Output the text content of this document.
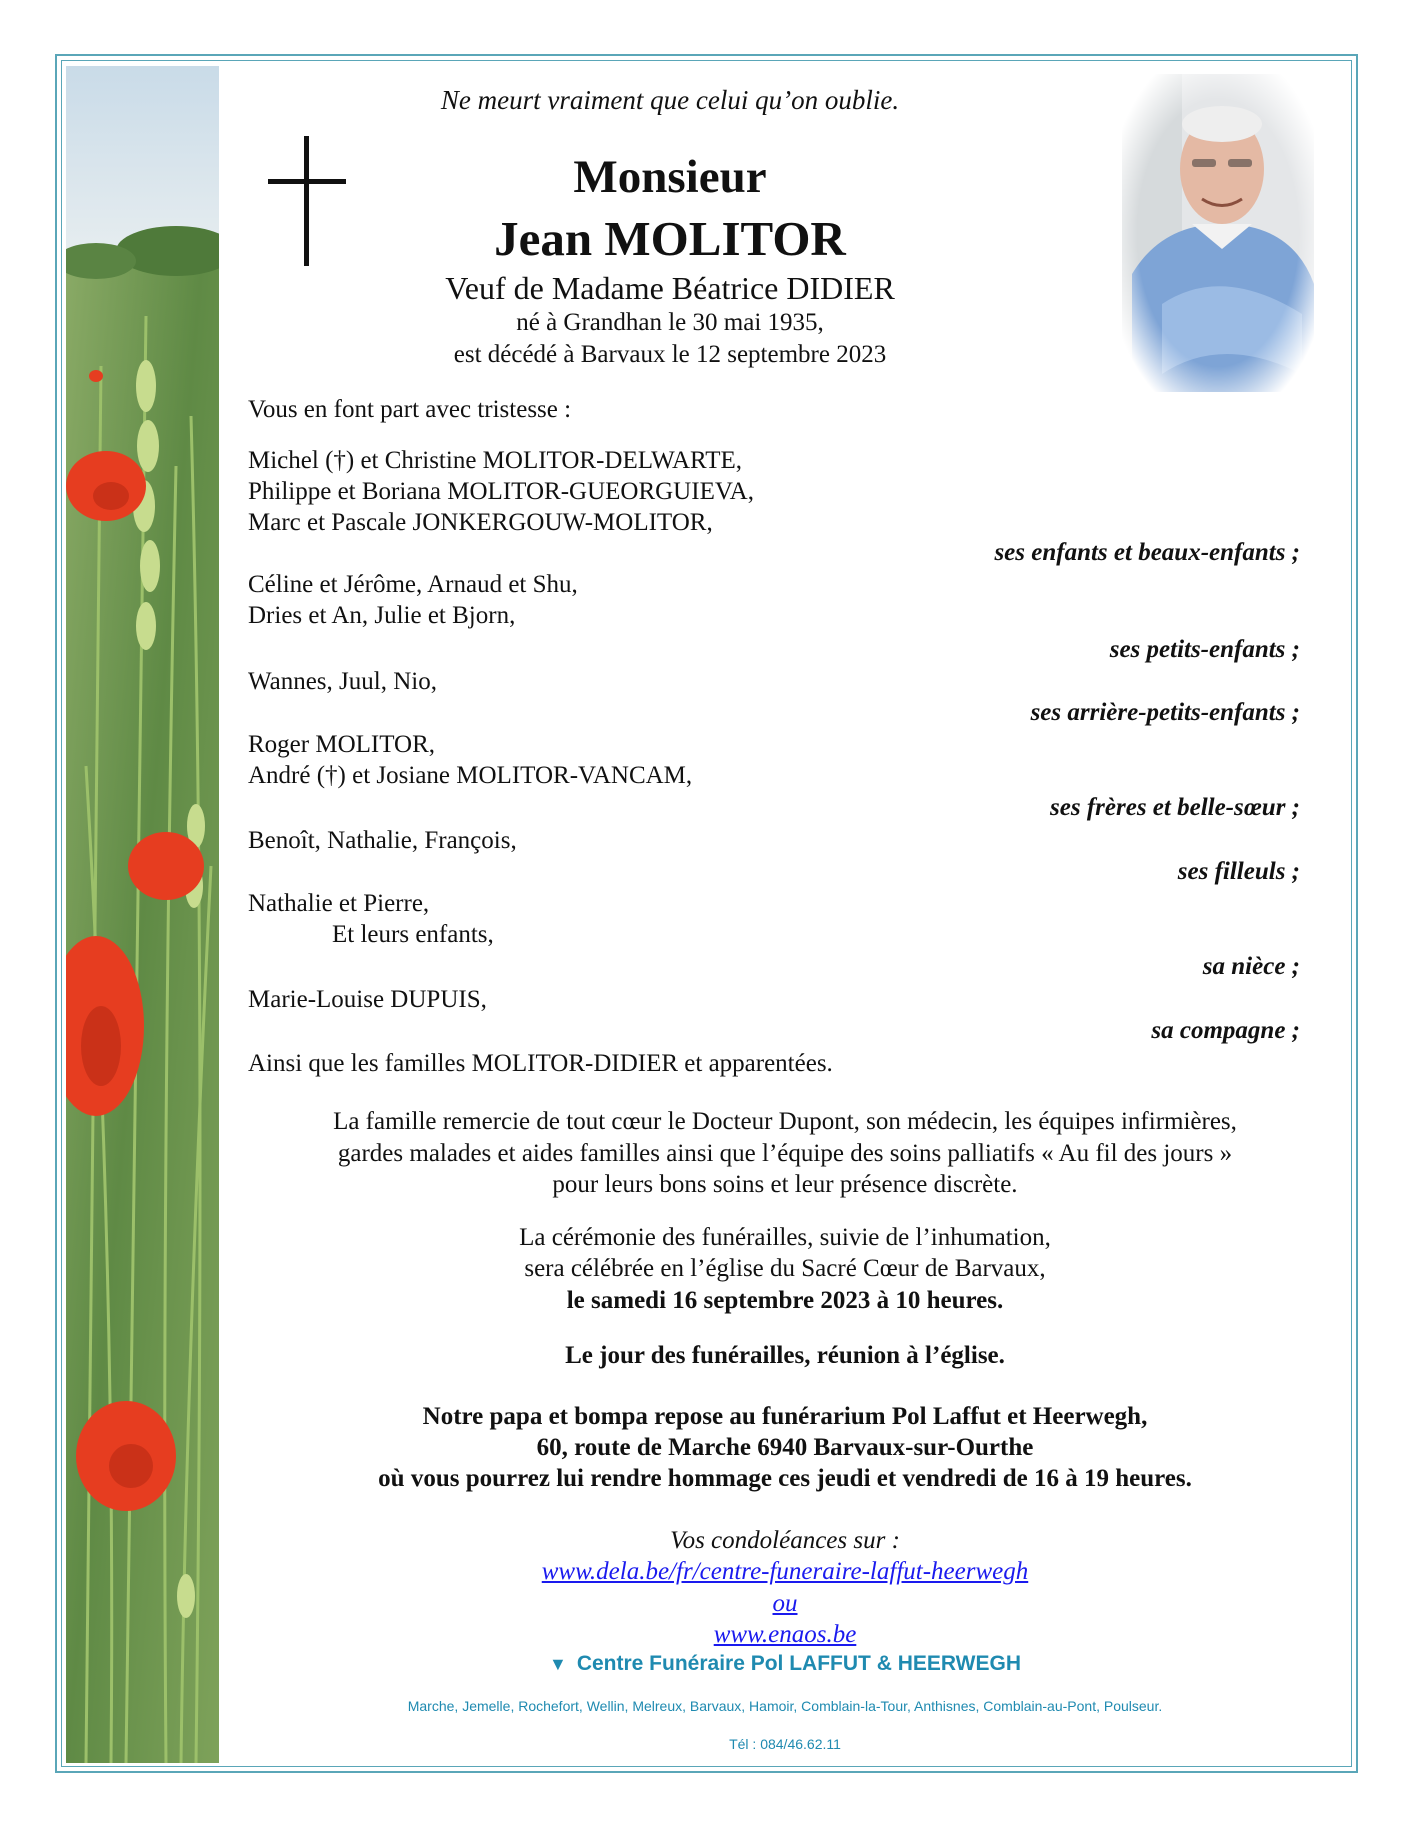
Ne meurt vraiment que celui qu’on oublie.
Monsieur
Jean MOLITOR
Veuf de Madame Béatrice DIDIER
né à Grandhan le 30 mai 1935,
est décédé à Barvaux le 12 septembre 2023
Vous en font part avec tristesse :
Michel (†) et Christine MOLITOR-DELWARTE,
Philippe et Boriana MOLITOR-GUEORGUIEVA,
Marc et Pascale JONKERGOUW-MOLITOR,
ses enfants et beaux-enfants ;
Céline et Jérôme, Arnaud et Shu,
Dries et An, Julie et Bjorn,
ses petits-enfants ;
Wannes, Juul, Nio,
ses arrière-petits-enfants ;
Roger MOLITOR,
André (†) et Josiane MOLITOR-VANCAM,
ses frères et belle-sœur ;
Benoît, Nathalie, François,
ses filleuls ;
Nathalie et Pierre,
Et leurs enfants,
sa nièce ;
Marie-Louise DUPUIS,
sa compagne ;
Ainsi que les familles MOLITOR-DIDIER et apparentées.
La famille remercie de tout cœur le Docteur Dupont, son médecin, les équipes infirmières,
gardes malades et aides familles ainsi que l’équipe des soins palliatifs « Au fil des jours »
pour leurs bons soins et leur présence discrète.
La cérémonie des funérailles, suivie de l’inhumation,
sera célébrée en l’église du Sacré Cœur de Barvaux,
le samedi 16 septembre 2023 à 10 heures.
Le jour des funérailles, réunion à l’église.
Notre papa et bompa repose au funérarium Pol Laffut et Heerwegh,
60, route de Marche 6940 Barvaux-sur-Ourthe
où vous pourrez lui rendre hommage ces jeudi et vendredi de 16 à 19 heures.
Vos condoléances sur :
www.dela.be/fr/centre-funeraire-laffut-heerwegh
ou
www.enaos.be
▼ Centre Funéraire Pol LAFFUT & HEERWEGH
Marche, Jemelle, Rochefort, Wellin, Melreux, Barvaux, Hamoir, Comblain-la-Tour, Anthisnes, Comblain-au-Pont, Poulseur.
Tél : 084/46.62.11
